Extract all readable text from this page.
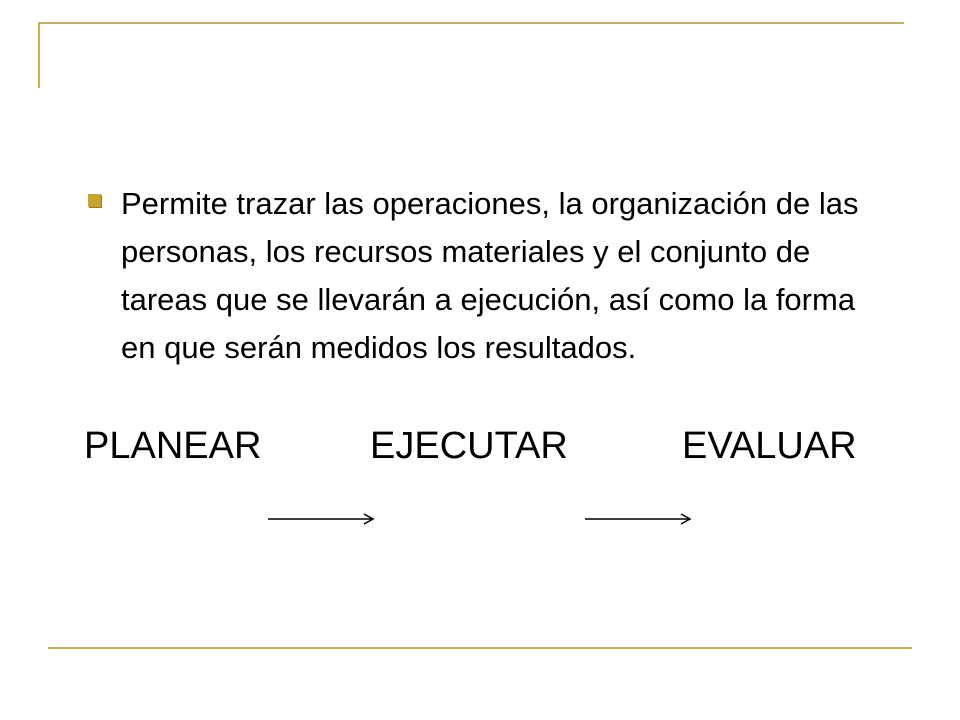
Permite trazar las operaciones, la organización de las personas, los recursos materiales y el conjunto de tareas que se llevarán a ejecución, así como la forma en que serán medidos los resultados.
PLANEAR	EJECUTAR	EVALUAR
